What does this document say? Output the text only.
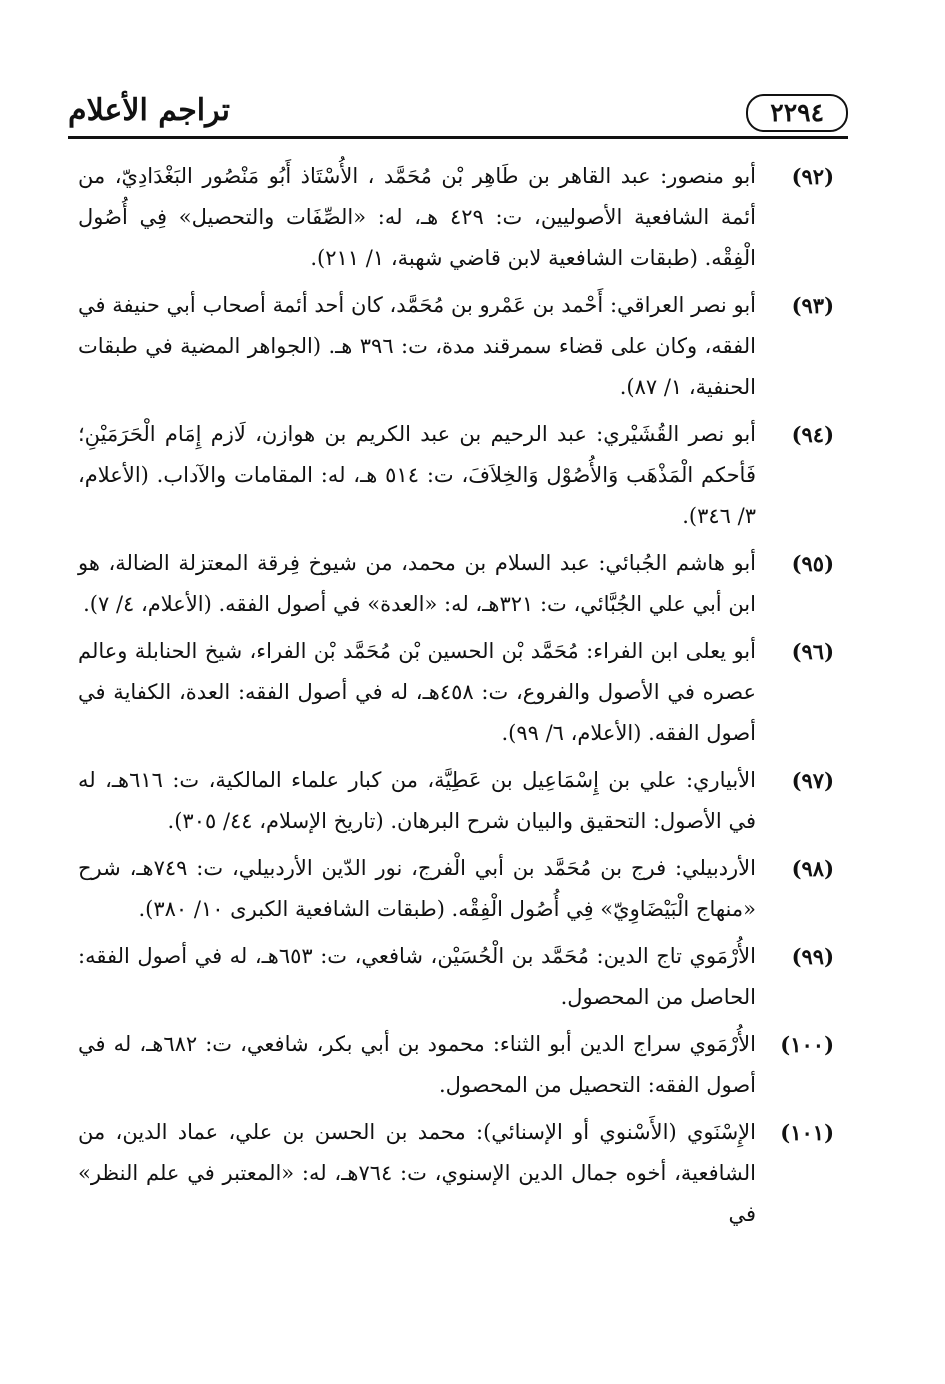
٢٢٩٤
تراجم الأعلام
(٩٢)
أبو منصور: عبد القاهر بن طَاهِر بْن مُحَمَّد ، الأُسْتَاذ أَبُو مَنْصُور البَغْدَادِيّ، من أئمة الشافعية الأصوليين، ت: ٤٢٩ هـ، له: «الصِّفَات والتحصيل» فِي أُصُول الْفِقْه. (طبقات الشافعية لابن قاضي شهبة، ١/ ٢١١).
(٩٣)
أبو نصر العراقي: أَحْمد بن عَمْرو بن مُحَمَّد، كان أحد أئمة أصحاب أبي حنيفة في الفقه، وكان على قضاء سمرقند مدة، ت: ٣٩٦ هـ. (الجواهر المضية في طبقات الحنفية، ١/ ٨٧).
(٩٤)
أبو نصر القُشَيْري: عبد الرحيم بن عبد الكريم بن هوازن، لَازم إِمَام الْحَرَمَيْنِ؛ فَأحكم الْمَذْهَب وَالأُصُوْل وَالخِلاَفَ، ت: ٥١٤ هـ، له: المقامات والآداب. (الأعلام، ٣/ ٣٤٦).
(٩٥)
أبو هاشم الجُبائي: عبد السلام بن محمد، من شيوخ فِرقة المعتزلة الضالة، هو ابن أبي علي الجُبَّائي، ت: ٣٢١هـ، له: «العدة» في أصول الفقه. (الأعلام، ٤/ ٧).
(٩٦)
أبو يعلى ابن الفراء: مُحَمَّد بْن الحسين بْن مُحَمَّد بْن الفراء، شيخ الحنابلة وعالم عصره في الأصول والفروع، ت: ٤٥٨هـ، له في أصول الفقه: العدة، الكفاية في أصول الفقه. (الأعلام، ٦/ ٩٩).
(٩٧)
الأبياري: علي بن إِسْمَاعِيل بن عَطِيَّة، من كبار علماء المالكية، ت: ٦١٦هـ، له في الأصول: التحقيق والبيان شرح البرهان. (تاريخ الإسلام، ٤٤/ ٣٠٥).
(٩٨)
الأردبيلي: فرج بن مُحَمَّد بن أبي الْفرج، نور الدّين الأردبيلي، ت: ٧٤٩هـ، شرح «منهاج الْبَيْضَاوِيّ» فِي أُصُول الْفِقْه. (طبقات الشافعية الكبرى ١٠/ ٣٨٠).
(٩٩)
الأُرْمَوي تاج الدين: مُحَمَّد بن الْحُسَيْن، شافعي، ت: ٦٥٣هـ، له في أصول الفقه: الحاصل من المحصول.
(١٠٠)
الأُرْمَوي سراج الدين أبو الثناء: محمود بن أبي بكر، شافعي، ت: ٦٨٢هـ، له في أصول الفقه: التحصيل من المحصول.
(١٠١)
الإِسْنَوي (الأَسْنوي أو الإسنائي): محمد بن الحسن بن علي، عماد الدين، من الشافعية، أخوه جمال الدين الإسنوي، ت: ٧٦٤هـ، له: «المعتبر في علم النظر» في
